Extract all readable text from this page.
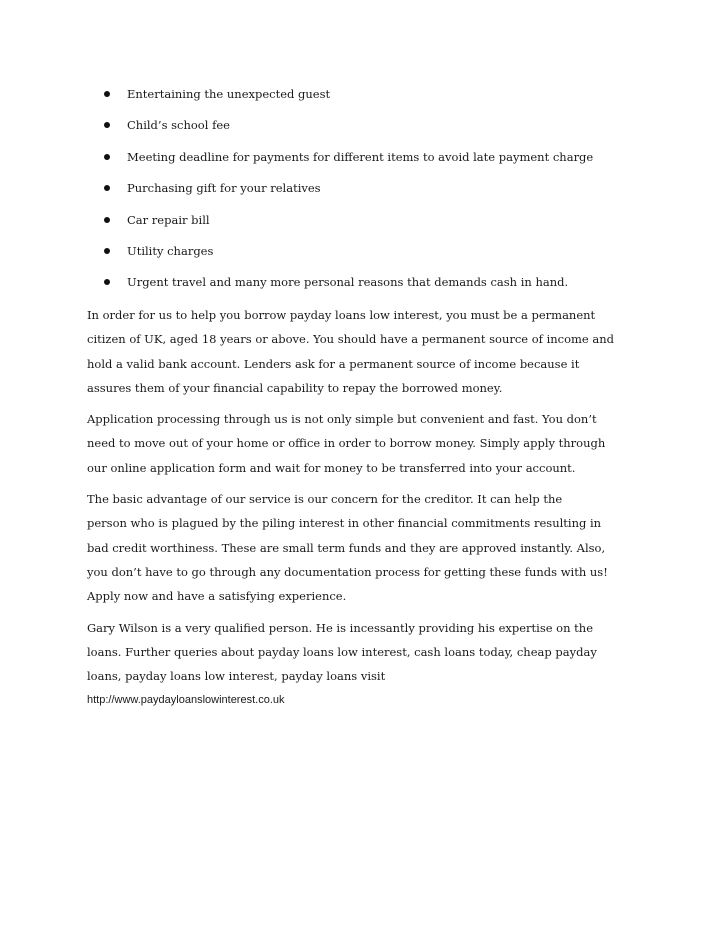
Entertaining the unexpected guest
Child’s school fee
Meeting deadline for payments for different items to avoid late payment charge
Purchasing gift for your relatives
Car repair bill
Utility charges
Urgent travel and many more personal reasons that demands cash in hand.

In order for us to help you borrow payday loans low interest, you must be a permanent
citizen of UK, aged 18 years or above. You should have a permanent source of income and
hold a valid bank account. Lenders ask for a permanent source of income because it
assures them of your financial capability to repay the borrowed money.

Application processing through us is not only simple but convenient and fast. You don’t
need to move out of your home or office in order to borrow money. Simply apply through
our online application form and wait for money to be transferred into your account.

The basic advantage of our service is our concern for the creditor. It can help the
person who is plagued by the piling interest in other financial commitments resulting in
bad credit worthiness. These are small term funds and they are approved instantly. Also,
you don’t have to go through any documentation process for getting these funds with us!
Apply now and have a satisfying experience.

Gary Wilson is a very qualified person. He is incessantly providing his expertise on the
loans. Further queries about payday loans low interest, cash loans today, cheap payday
loans, payday loans low interest, payday loans visit
http://www.paydayloanslowinterest.co.uk
